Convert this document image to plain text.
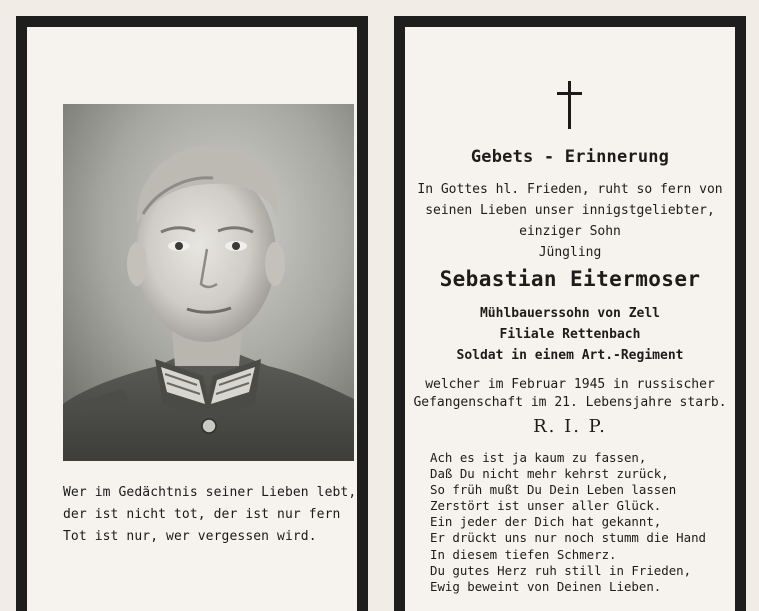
Wer im Gedächtnis seiner Lieben lebt,
der ist nicht tot, der ist nur fern
Tot ist nur, wer vergessen wird.
Gebets - Erinnerung
In Gottes hl. Frieden, ruht so fern von
seinen Lieben unser innigstgeliebter,
einziger Sohn
Jüngling
Sebastian Eitermoser
Mühlbauerssohn von Zell
Filiale Rettenbach
Soldat in einem Art.-Regiment
welcher im Februar 1945 in russischer
Gefangenschaft im 21. Lebensjahre starb.
R. I. P.
Ach es ist ja kaum zu fassen,
Daß Du nicht mehr kehrst zurück,
So früh mußt Du Dein Leben lassen
Zerstört ist unser aller Glück.
Ein jeder der Dich hat gekannt,
Er drückt uns nur noch stumm die Hand
In diesem tiefen Schmerz.
Du gutes Herz ruh still in Frieden,
Ewig beweint von Deinen Lieben.
